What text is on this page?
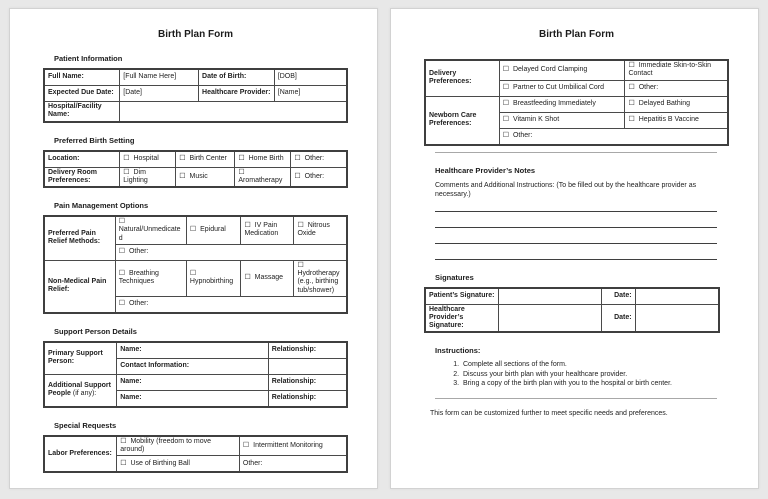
Birth Plan Form
Patient Information
Full Name:	[Full Name Here]	Date of Birth:	[DOB]
Expected Due Date:	[Date]	Healthcare Provider:	[Name]
Hospital/Facility Name:			
Preferred Birth Setting
Location:	☐ Hospital	☐ Birth Center	☐ Home Birth	☐ Other:
Delivery Room Preferences:	☐ Dim Lighting	☐ Music	☐ Aromatherapy	☐ Other:
Pain Management Options
Preferred Pain Relief Methods:	☐ Natural/Unmedicated	☐ Epidural	☐ IV Pain Medication	☐ Nitrous Oxide
	☐ Other:			
Non-Medical Pain Relief:	☐ Breathing Techniques	☐ Hypnobirthing	☐ Massage	☐ Hydrotherapy (e.g., birthing tub/shower)
	☐ Other:			
Support Person Details
Primary Support Person:	Name:	Relationship:
	Contact Information:	
Additional Support People (if any):	Name:	Relationship:
	Name:	Relationship:
Special Requests
Labor Preferences:	☐ Mobility (freedom to move around)	☐ Intermittent Monitoring
	☐ Use of Birthing Ball	Other:
Birth Plan Form
Delivery Preferences:	☐ Delayed Cord Clamping	☐ Immediate Skin-to-Skin Contact
	☐ Partner to Cut Umbilical Cord	☐ Other:
Newborn Care Preferences:	☐ Breastfeeding Immediately	☐ Delayed Bathing
	☐ Vitamin K Shot	☐ Hepatitis B Vaccine
	☐ Other:	
Healthcare Provider’s Notes

Comments and Additional Instructions: (To be filled out by the healthcare provider as necessary.)

Signatures
Patient’s Signature:		Date:	
Healthcare Provider’s Signature:		Date:	
Instructions:
1. Complete all sections of the form.
2. Discuss your birth plan with your healthcare provider.
3. Bring a copy of the birth plan with you to the hospital or birth center.

This form can be customized further to meet specific needs and preferences.
